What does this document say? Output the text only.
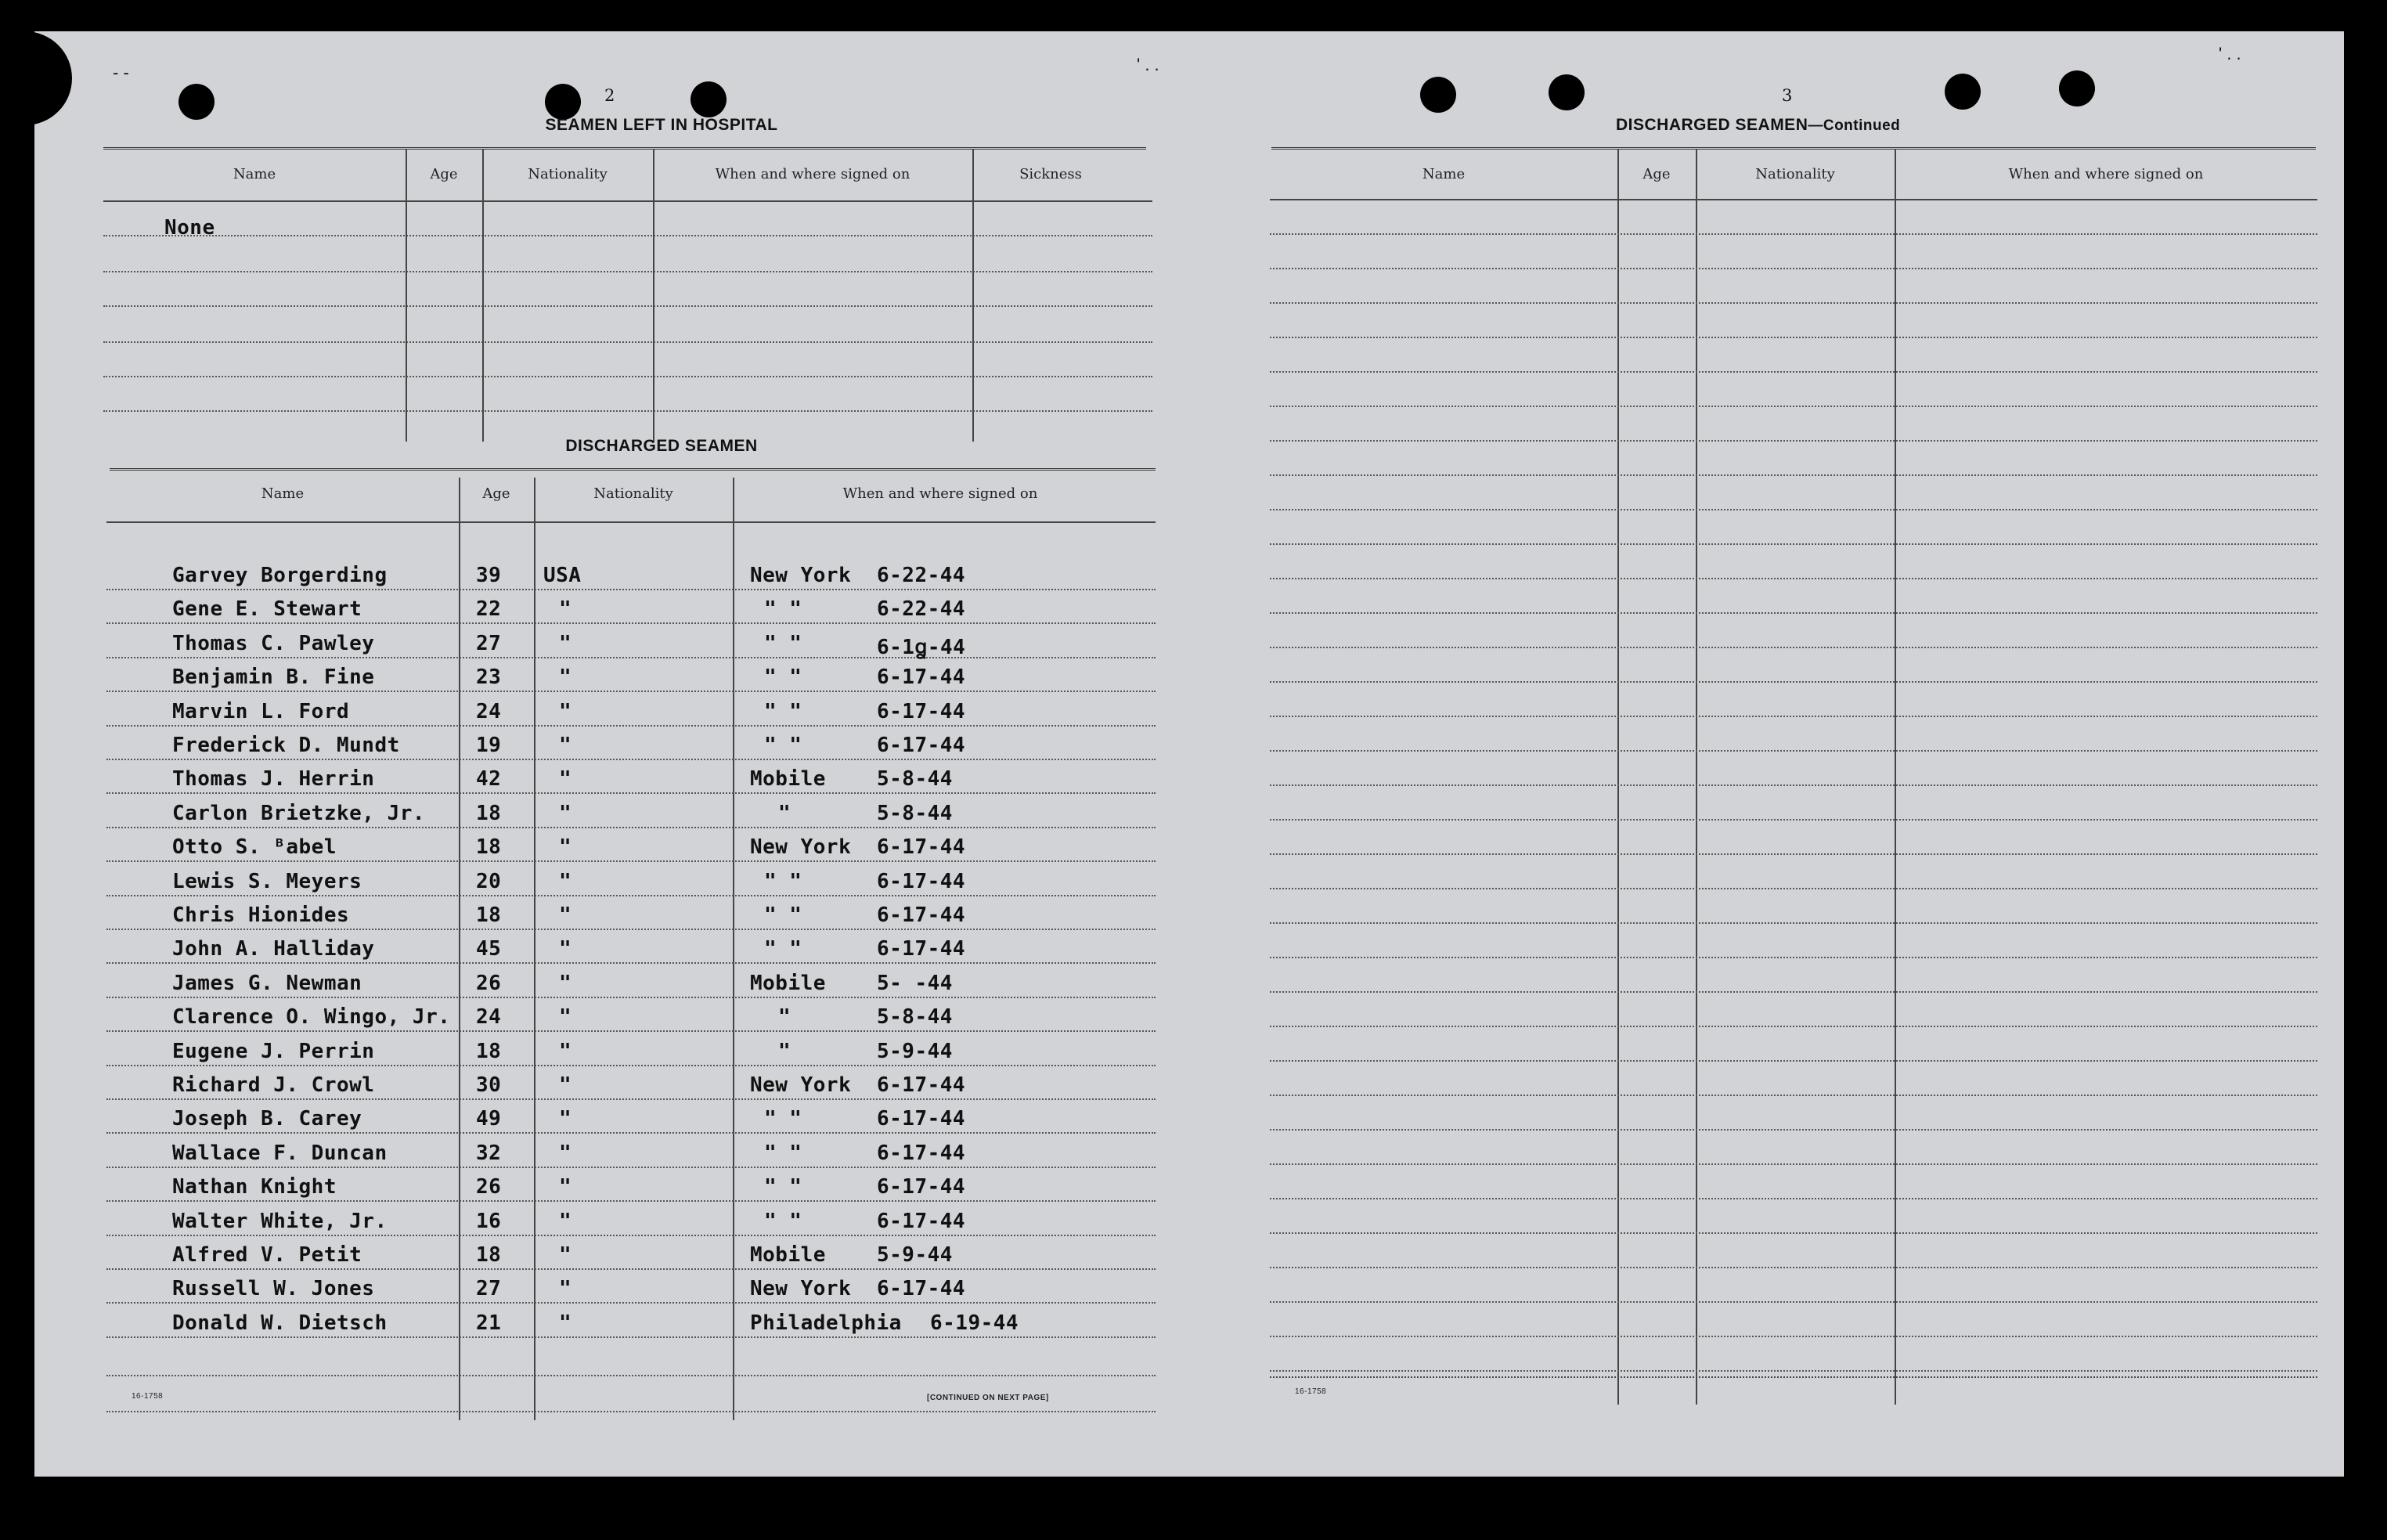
2
SEAMEN LEFT IN HOSPITAL
Name	Age	Nationality	When and where signed on	Sickness
None
DISCHARGED SEAMEN
Name	Age	Nationality	When and where signed on
Garvey Borgerding	39 USA	New York 6-22-44
Gene E. Stewart	22	"	" "	6-22-44
Thomas C. Pawley	27	"	" "	6-1ꬶ-44
Benjamin B. Fine	23	"	" "	6-17-44
Marvin L. Ford	24	"	" "	6-17-44
Frederick D. Mundt	19	"	" "	6-17-44
Thomas J. Herrin	42	"	Mobile	5-8-44
Carlon Brietzke, Jr. 18	"	"	5-8-44
Otto S. ᴮabel	18	"	New York 6-17-44
Lewis S. Meyers	20	"	" "	6-17-44
Chris Hionides	18	"	" "	6-17-44
John A. Halliday	45	"	" "	6-17-44
James G. Newman	26	"	Mobile	5- -44
Clarence O. Wingo, Jr. 24	"	"	5-8-44
Eugene J. Perrin	18	"	"	5-9-44
Richard J. Crowl	30	"	New York 6-17-44
Joseph B. Carey	49	"	" "	6-17-44
Wallace F. Duncan	32	"	" "	6-17-44
Nathan Knight	26	"	" "	6-17-44
Walter White, Jr.	16	"	" "	6-17-44
Alfred V. Petit	18	"	Mobile	5-9-44
Russell W. Jones	27	"	New York 6-17-44
Donald W. Dietsch	21	"	Philadelphia 6-19-44
16-1758	[CONTINUED ON NEXT PAGE]
3
DISCHARGED SEAMEN—Continued
Name	Age	Nationality	When and where signed on
16-1758
- -	' . .
' . .
